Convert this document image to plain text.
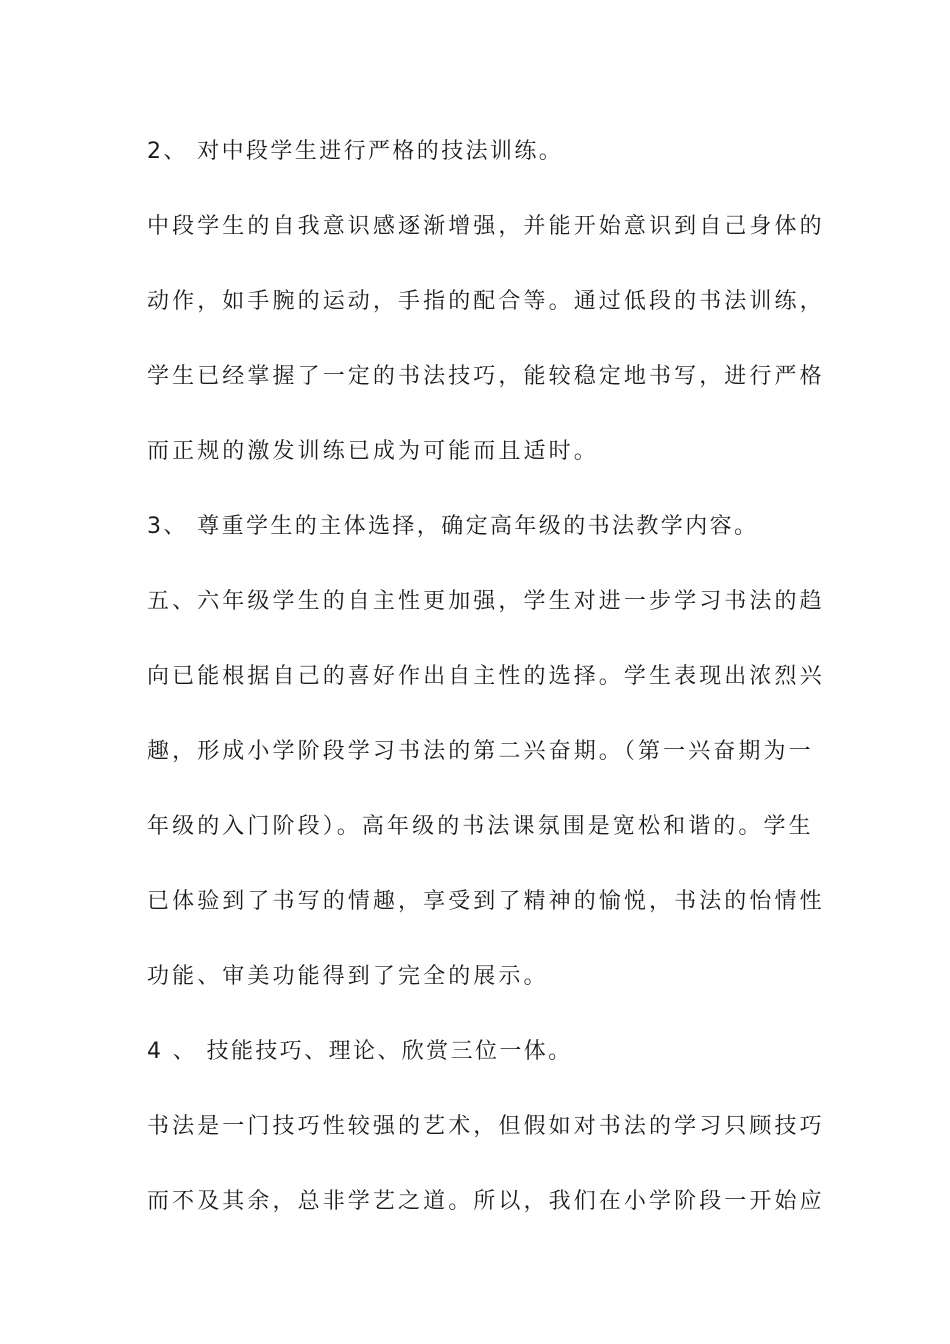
2、 对中段学生进行严格的技法训练。
中段学生的自我意识感逐渐增强，并能开始意识到自己身体的
动作，如手腕的运动，手指的配合等。通过低段的书法训练，
学生已经掌握了一定的书法技巧，能较稳定地书写，进行严格
而正规的激发训练已成为可能而且适时。
3、 尊重学生的主体选择，确定高年级的书法教学内容。
五、六年级学生的自主性更加强，学生对进一步学习书法的趋
向已能根据自己的喜好作出自主性的选择。学生表现出浓烈兴
趣，形成小学阶段学习书法的第二兴奋期。（第一兴奋期为一
年级的入门阶段）。高年级的书法课氛围是宽松和谐的。学生
已体验到了书写的情趣，享受到了精神的愉悦，书法的怡情性
功能、审美功能得到了完全的展示。
4 、 技能技巧、理论、欣赏三位一体。
书法是一门技巧性较强的艺术，但假如对书法的学习只顾技巧
而不及其余，总非学艺之道。所以，我们在小学阶段一开始应
